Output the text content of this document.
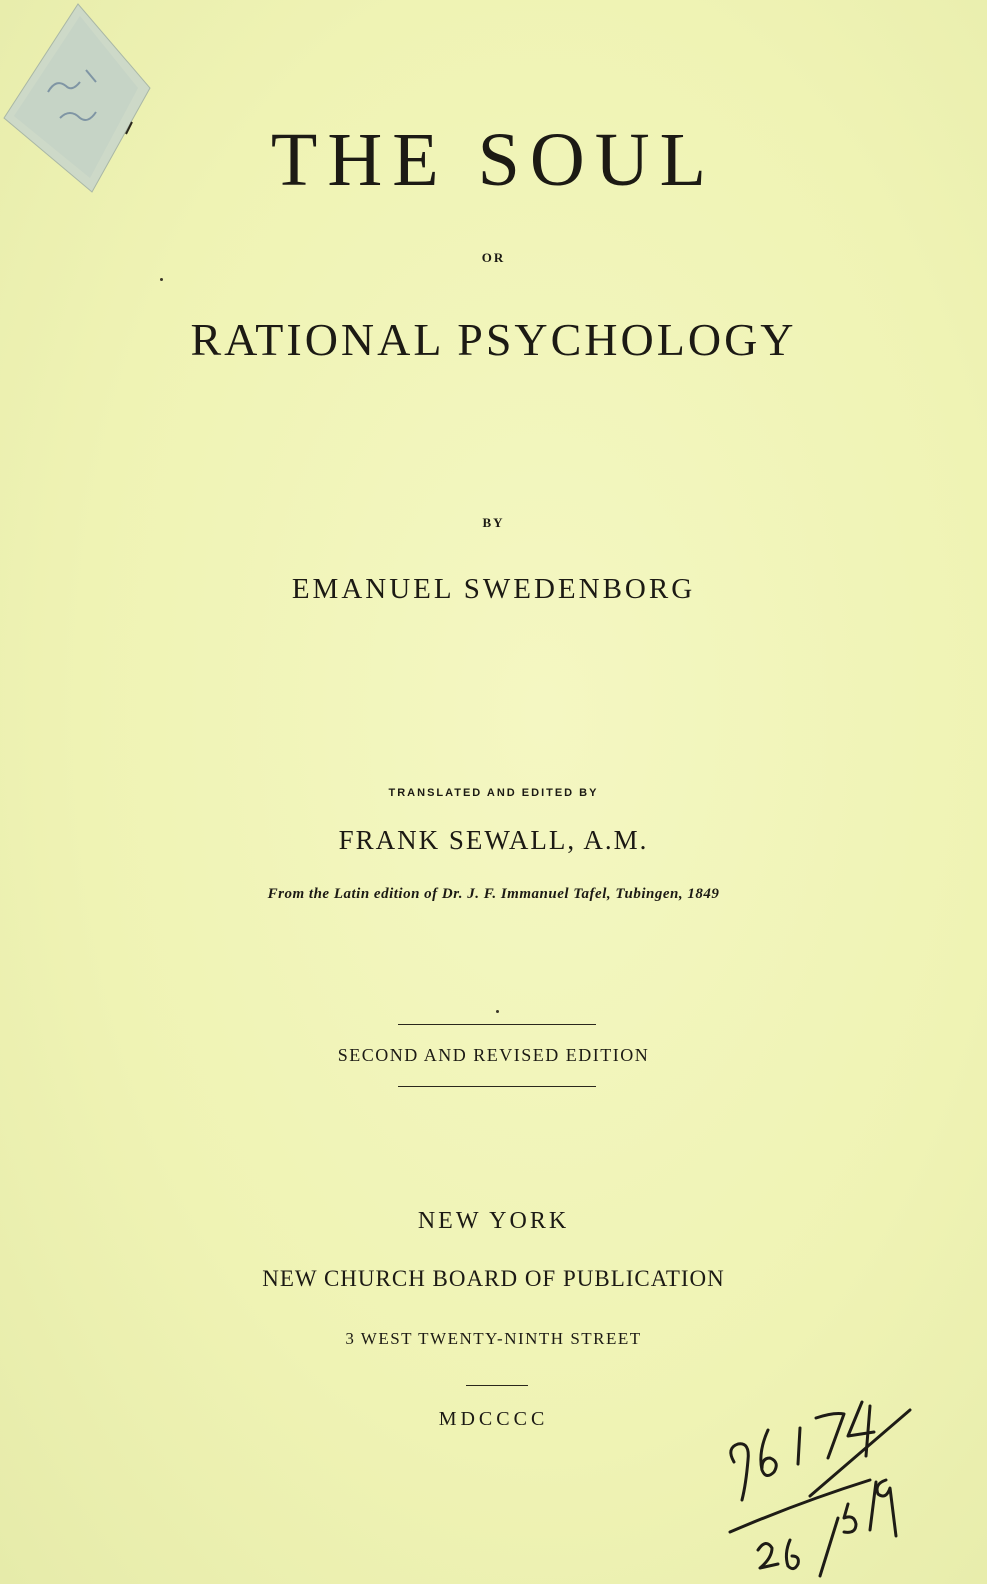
THE SOUL
OR
RATIONAL PSYCHOLOGY
BY
EMANUEL SWEDENBORG
TRANSLATED AND EDITED BY
FRANK SEWALL, A.M.
From the Latin edition of Dr. J. F. Immanuel Tafel, Tubingen, 1849
SECOND AND REVISED EDITION
NEW YORK
NEW CHURCH BOARD OF PUBLICATION
3 WEST TWENTY-NINTH STREET
MDCCCC
